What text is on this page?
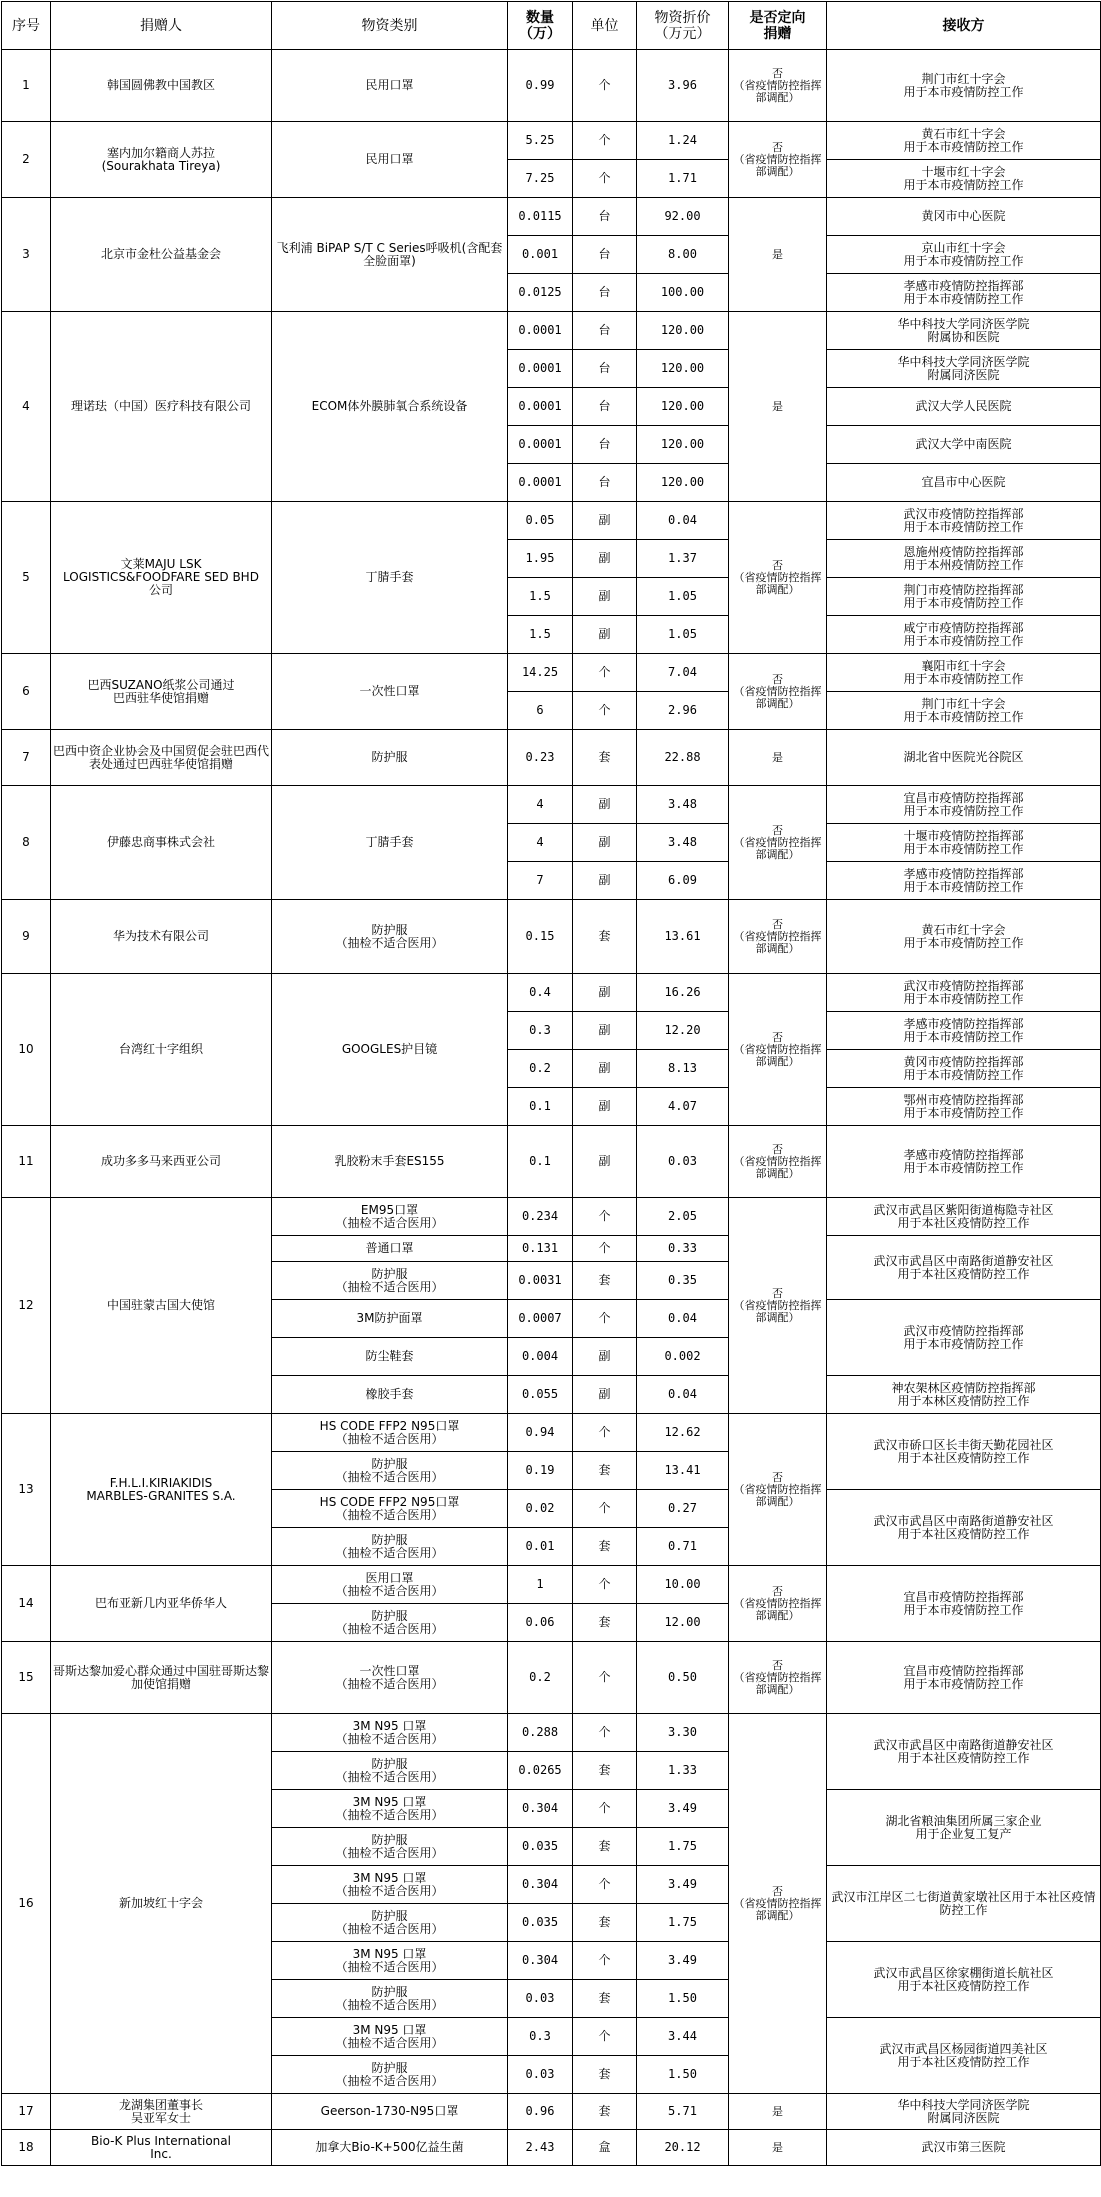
序号	捐赠人	物资类别	数量
（万）	单位	物资折价
（万元）	是否定向
捐赠	接收方
1	韩国圆佛教中国教区	民用口罩	0.99	个	3.96	否
（省疫情防控指挥部调配）	荆门市红十字会
用于本市疫情防控工作
2	塞内加尔籍商人苏拉
(Sourakhata Tireya)	民用口罩	5.25	个	1.24	否
（省疫情防控指挥部调配）	黄石市红十字会
用于本市疫情防控工作
			7.25	个	1.71		十堰市红十字会
用于本市疫情防控工作
3	北京市金杜公益基金会	飞利浦 BiPAP S/T C Series呼吸机(含配套全脸面罩)	0.0115	台	92.00	是	黄冈市中心医院
			0.001	台	8.00		京山市红十字会
用于本市疫情防控工作
			0.0125	台	100.00		孝感市疫情防控指挥部
用于本市疫情防控工作
4	理诺珐（中国）医疗科技有限公司	ECOM体外膜肺氧合系统设备	0.0001	台	120.00	是	华中科技大学同济医学院
附属协和医院
			0.0001	台	120.00		华中科技大学同济医学院
附属同济医院
			0.0001	台	120.00		武汉大学人民医院
			0.0001	台	120.00		武汉大学中南医院
			0.0001	台	120.00		宜昌市中心医院
5	文莱MAJU LSK
LOGISTICS&FOODFARE SED BHD
公司	丁腈手套	0.05	副	0.04	否
（省疫情防控指挥部调配）	武汉市疫情防控指挥部
用于本市疫情防控工作
			1.95	副	1.37		恩施州疫情防控指挥部
用于本州疫情防控工作
			1.5	副	1.05		荆门市疫情防控指挥部
用于本市疫情防控工作
			1.5	副	1.05		咸宁市疫情防控指挥部
用于本市疫情防控工作
6	巴西SUZANO纸浆公司通过
巴西驻华使馆捐赠	一次性口罩	14.25	个	7.04	否
（省疫情防控指挥部调配）	襄阳市红十字会
用于本市疫情防控工作
			6	个	2.96		荆门市红十字会
用于本市疫情防控工作
7	巴西中资企业协会及中国贸促会驻巴西代表处通过巴西驻华使馆捐赠	防护服	0.23	套	22.88	是	湖北省中医院光谷院区
8	伊藤忠商事株式会社	丁腈手套	4	副	3.48	否
（省疫情防控指挥部调配）	宜昌市疫情防控指挥部
用于本市疫情防控工作
			4	副	3.48		十堰市疫情防控指挥部
用于本市疫情防控工作
			7	副	6.09		孝感市疫情防控指挥部
用于本市疫情防控工作
9	华为技术有限公司	防护服
（抽检不适合医用）	0.15	套	13.61	否
（省疫情防控指挥部调配）	黄石市红十字会
用于本市疫情防控工作
10	台湾红十字组织	GOOGLES护目镜	0.4	副	16.26	否
（省疫情防控指挥部调配）	武汉市疫情防控指挥部
用于本市疫情防控工作
			0.3	副	12.20		孝感市疫情防控指挥部
用于本市疫情防控工作
			0.2	副	8.13		黄冈市疫情防控指挥部
用于本市疫情防控工作
			0.1	副	4.07		鄂州市疫情防控指挥部
用于本市疫情防控工作
11	成功多多马来西亚公司	乳胶粉末手套ES155	0.1	副	0.03	否
（省疫情防控指挥部调配）	孝感市疫情防控指挥部
用于本市疫情防控工作
12	中国驻蒙古国大使馆	EM95口罩
（抽检不适合医用）	0.234	个	2.05	否
（省疫情防控指挥部调配）	武汉市武昌区紫阳街道梅隐寺社区
用于本社区疫情防控工作
		普通口罩	0.131	个	0.33		武汉市武昌区中南路街道静安社区
用于本社区疫情防控工作
		防护服
（抽检不适合医用）	0.0031	套	0.35		
		3M防护面罩	0.0007	个	0.04		武汉市疫情防控指挥部
用于本市疫情防控工作
		防尘鞋套	0.004	副	0.002		
		橡胶手套	0.055	副	0.04		神农架林区疫情防控指挥部
用于本林区疫情防控工作
13	F.H.L.I.KIRIAKIDIS
MARBLES-GRANITES S.A.	HS CODE FFP2 N95口罩
（抽检不适合医用）	0.94	个	12.62	否
（省疫情防控指挥部调配）	武汉市硚口区长丰街天勤花园社区
用于本社区疫情防控工作
		防护服
（抽检不适合医用）	0.19	套	13.41		
		HS CODE FFP2 N95口罩
（抽检不适合医用）	0.02	个	0.27		武汉市武昌区中南路街道静安社区
用于本社区疫情防控工作
		防护服
（抽检不适合医用）	0.01	套	0.71		
14	巴布亚新几内亚华侨华人	医用口罩
（抽检不适合医用）	1	个	10.00	否
（省疫情防控指挥部调配）	宜昌市疫情防控指挥部
用于本市疫情防控工作
		防护服
（抽检不适合医用）	0.06	套	12.00		
15	哥斯达黎加爱心群众通过中国驻哥斯达黎加使馆捐赠	一次性口罩
（抽检不适合医用）	0.2	个	0.50	否
（省疫情防控指挥部调配）	宜昌市疫情防控指挥部
用于本市疫情防控工作
16	新加坡红十字会	3M N95 口罩
（抽检不适合医用）	0.288	个	3.30	否
（省疫情防控指挥部调配）	武汉市武昌区中南路街道静安社区
用于本社区疫情防控工作
		防护服
（抽检不适合医用）	0.0265	套	1.33		
		3M N95 口罩
（抽检不适合医用）	0.304	个	3.49		湖北省粮油集团所属三家企业
用于企业复工复产
		防护服
（抽检不适合医用）	0.035	套	1.75		
		3M N95 口罩
（抽检不适合医用）	0.304	个	3.49		武汉市江岸区二七街道黄家墩社区用于本社区疫情防控工作
		防护服
（抽检不适合医用）	0.035	套	1.75		
		3M N95 口罩
（抽检不适合医用）	0.304	个	3.49		武汉市武昌区徐家棚街道长航社区
用于本社区疫情防控工作
		防护服
（抽检不适合医用）	0.03	套	1.50		
		3M N95 口罩
（抽检不适合医用）	0.3	个	3.44		武汉市武昌区杨园街道四美社区
用于本社区疫情防控工作
		防护服
（抽检不适合医用）	0.03	套	1.50		
17	龙湖集团董事长
吴亚军女士	Geerson-1730-N95口罩	0.96	套	5.71	是	华中科技大学同济医学院
附属同济医院
18	Bio-K Plus International
Inc.	加拿大Bio-K+500亿益生菌	2.43	盒	20.12	是	武汉市第三医院
